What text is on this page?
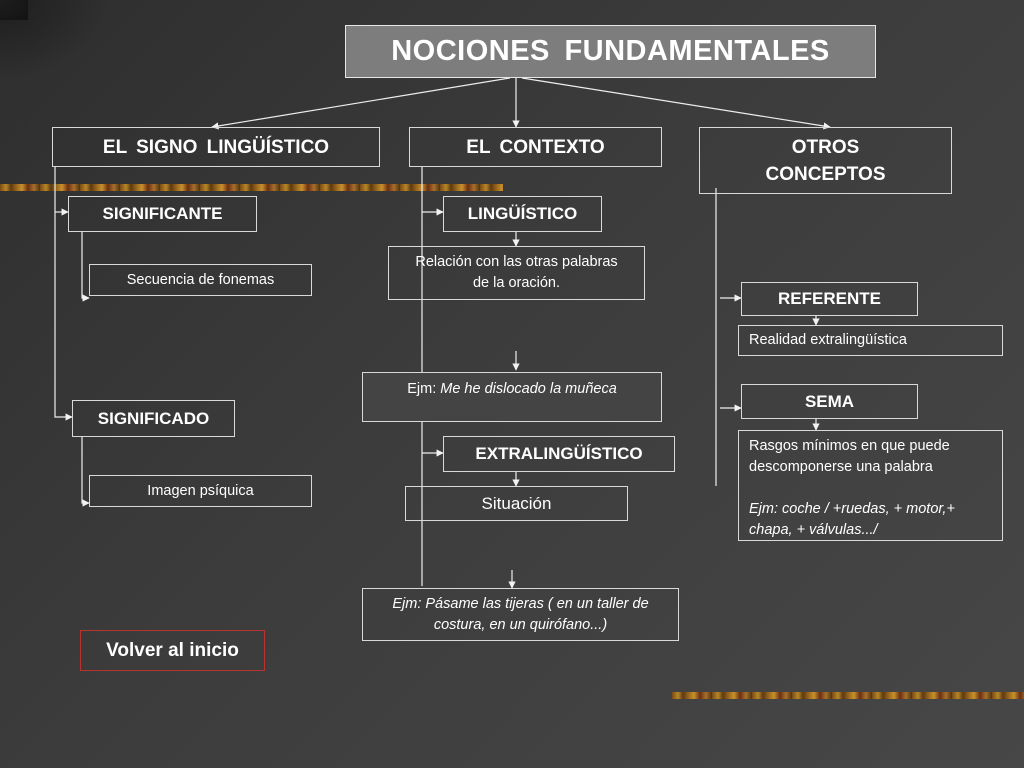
NOCIONES FUNDAMENTALES
EL SIGNO LINGÜÍSTICO	EL CONTEXTO	OTROS CONCEPTOS
SIGNIFICANTE
Secuencia de fonemas
SIGNIFICADO
Imagen psíquica
LINGÜÍSTICO
Relación con las otras palabras de la oración.
Ejm: Me he dislocado la muñeca
EXTRALINGÜÍSTICO
Situación
Ejm: Pásame las tijeras ( en un taller de costura, en un quirófano...)
REFERENTE
Realidad extralingüística
SEMA

Rasgos mínimos en que puede descomponerse una palabra

Ejm: coche / +ruedas, + motor,+ chapa, + válvulas.../

Volver al inicio
